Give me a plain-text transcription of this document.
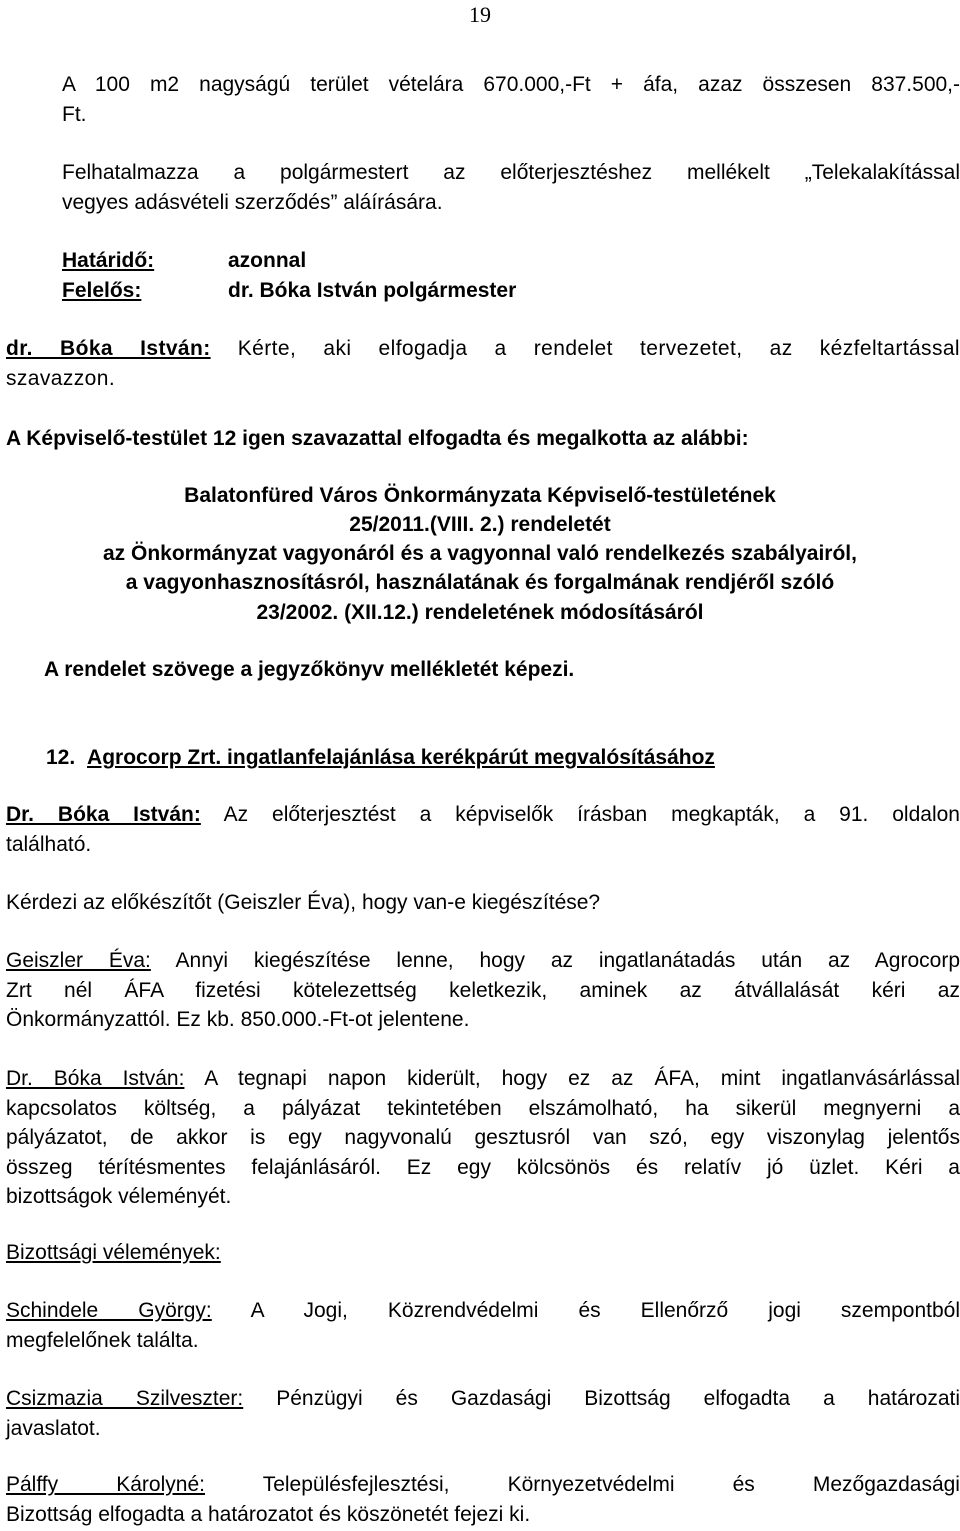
19
A 100 m2 nagyságú terület vételára 670.000,-Ft + áfa, azaz összesen 837.500,-
Ft.
Felhatalmazza a polgármestert az előterjesztéshez mellékelt „Telekalakítással
vegyes adásvételi szerződés” aláírására.
Határidő:
Felelős:
azonnal
dr. Bóka István polgármester
dr. Bóka István: Kérte, aki elfogadja a rendelet tervezetet, az kézfeltartással
szavazzon.
A Képviselő-testület 12 igen szavazattal elfogadta és megalkotta az alábbi:
Balatonfüred Város Önkormányzata Képviselő-testületének
25/2011.(VIII. 2.) rendeletét
az Önkormányzat vagyonáról és a vagyonnal való rendelkezés szabályairól,
a vagyonhasznosításról, használatának és forgalmának rendjéről szóló
23/2002. (XII.12.) rendeletének módosításáról
A rendelet szövege a jegyzőkönyv mellékletét képezi.
12. Agrocorp Zrt. ingatlanfelajánlása kerékpárút megvalósításához
Dr. Bóka István: Az előterjesztést a képviselők írásban megkapták, a 91. oldalon
található.
Kérdezi az előkészítőt (Geiszler Éva), hogy van-e kiegészítése?
Geiszler Éva: Annyi kiegészítése lenne, hogy az ingatlanátadás után az Agrocorp
Zrt nél ÁFA fizetési kötelezettség keletkezik, aminek az átvállalását kéri az
Önkormányzattól. Ez kb. 850.000.-Ft-ot jelentene.
Dr. Bóka István: A tegnapi napon kiderült, hogy ez az ÁFA, mint ingatlanvásárlással
kapcsolatos költség, a pályázat tekintetében elszámolható, ha sikerül megnyerni a
pályázatot, de akkor is egy nagyvonalú gesztusról van szó, egy viszonylag jelentős
összeg térítésmentes felajánlásáról. Ez egy kölcsönös és relatív jó üzlet. Kéri a
bizottságok véleményét.
Bizottsági vélemények:
Schindele György: A Jogi, Közrendvédelmi és Ellenőrző jogi szempontból
megfelelőnek találta.
Csizmazia Szilveszter: Pénzügyi és Gazdasági Bizottság elfogadta a határozati
javaslatot.
Pálffy Károlyné: Településfejlesztési, Környezetvédelmi és Mezőgazdasági
Bizottság elfogadta a határozatot és köszönetét fejezi ki.
